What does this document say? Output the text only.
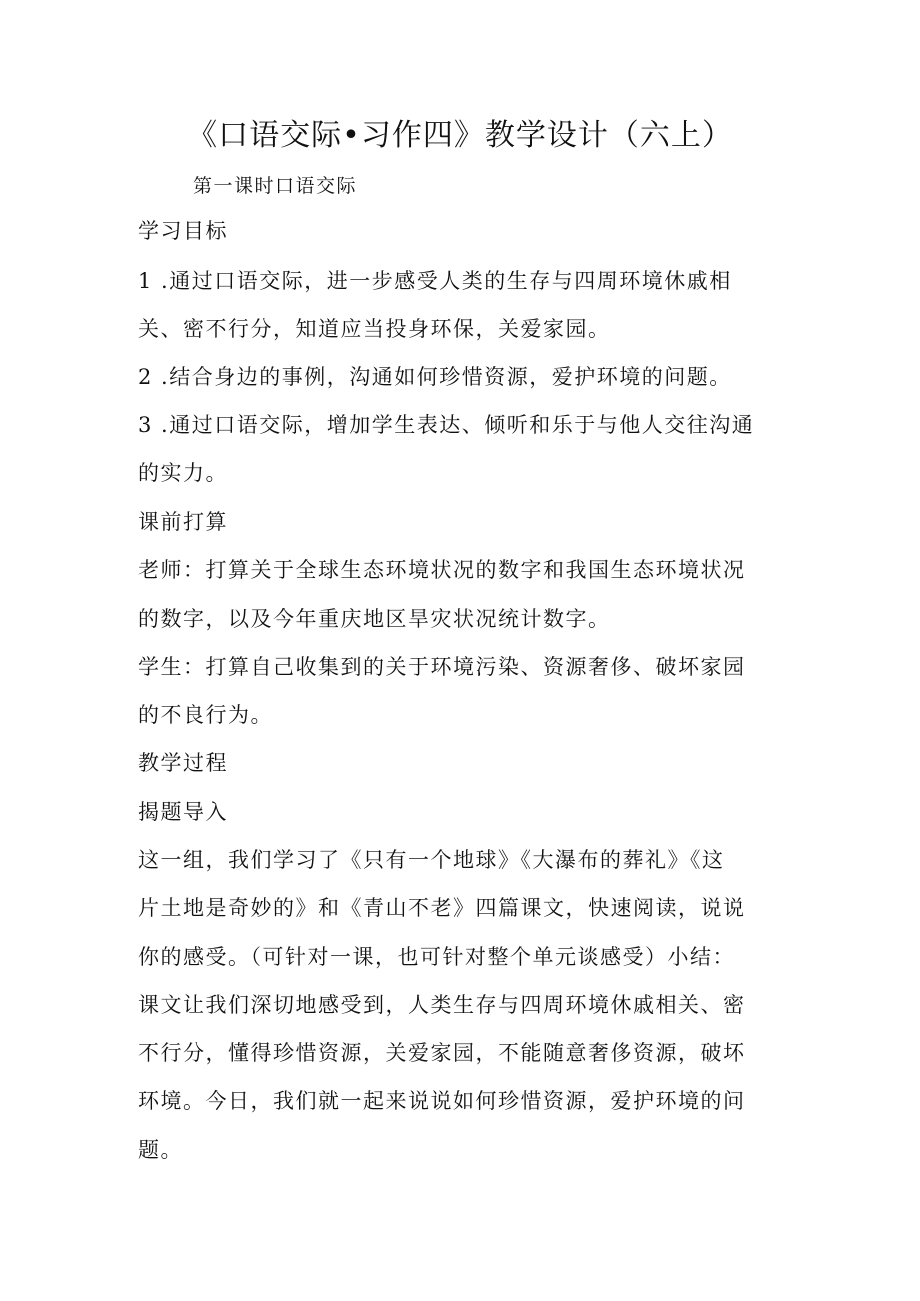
《口语交际•习作四》教学设计（六上）
第一课时口语交际
学习目标
1 .通过口语交际，进一步感受人类的生存与四周环境休戚相
关、密不行分，知道应当投身环保，关爱家园。
2 .结合身边的事例，沟通如何珍惜资源，爱护环境的问题。
3 .通过口语交际，增加学生表达、倾听和乐于与他人交往沟通
的实力。
课前打算
老师：打算关于全球生态环境状况的数字和我国生态环境状况
的数字，以及今年重庆地区旱灾状况统计数字。
学生：打算自己收集到的关于环境污染、资源奢侈、破坏家园
的不良行为。
教学过程
揭题导入
这一组，我们学习了《只有一个地球》《大瀑布的葬礼》《这
片土地是奇妙的》和《青山不老》四篇课文，快速阅读，说说
你的感受。（可针对一课，也可针对整个单元谈感受）小结：
课文让我们深切地感受到，人类生存与四周环境休戚相关、密
不行分，懂得珍惜资源，关爱家园，不能随意奢侈资源，破坏
环境。今日，我们就一起来说说如何珍惜资源，爱护环境的问
题。
